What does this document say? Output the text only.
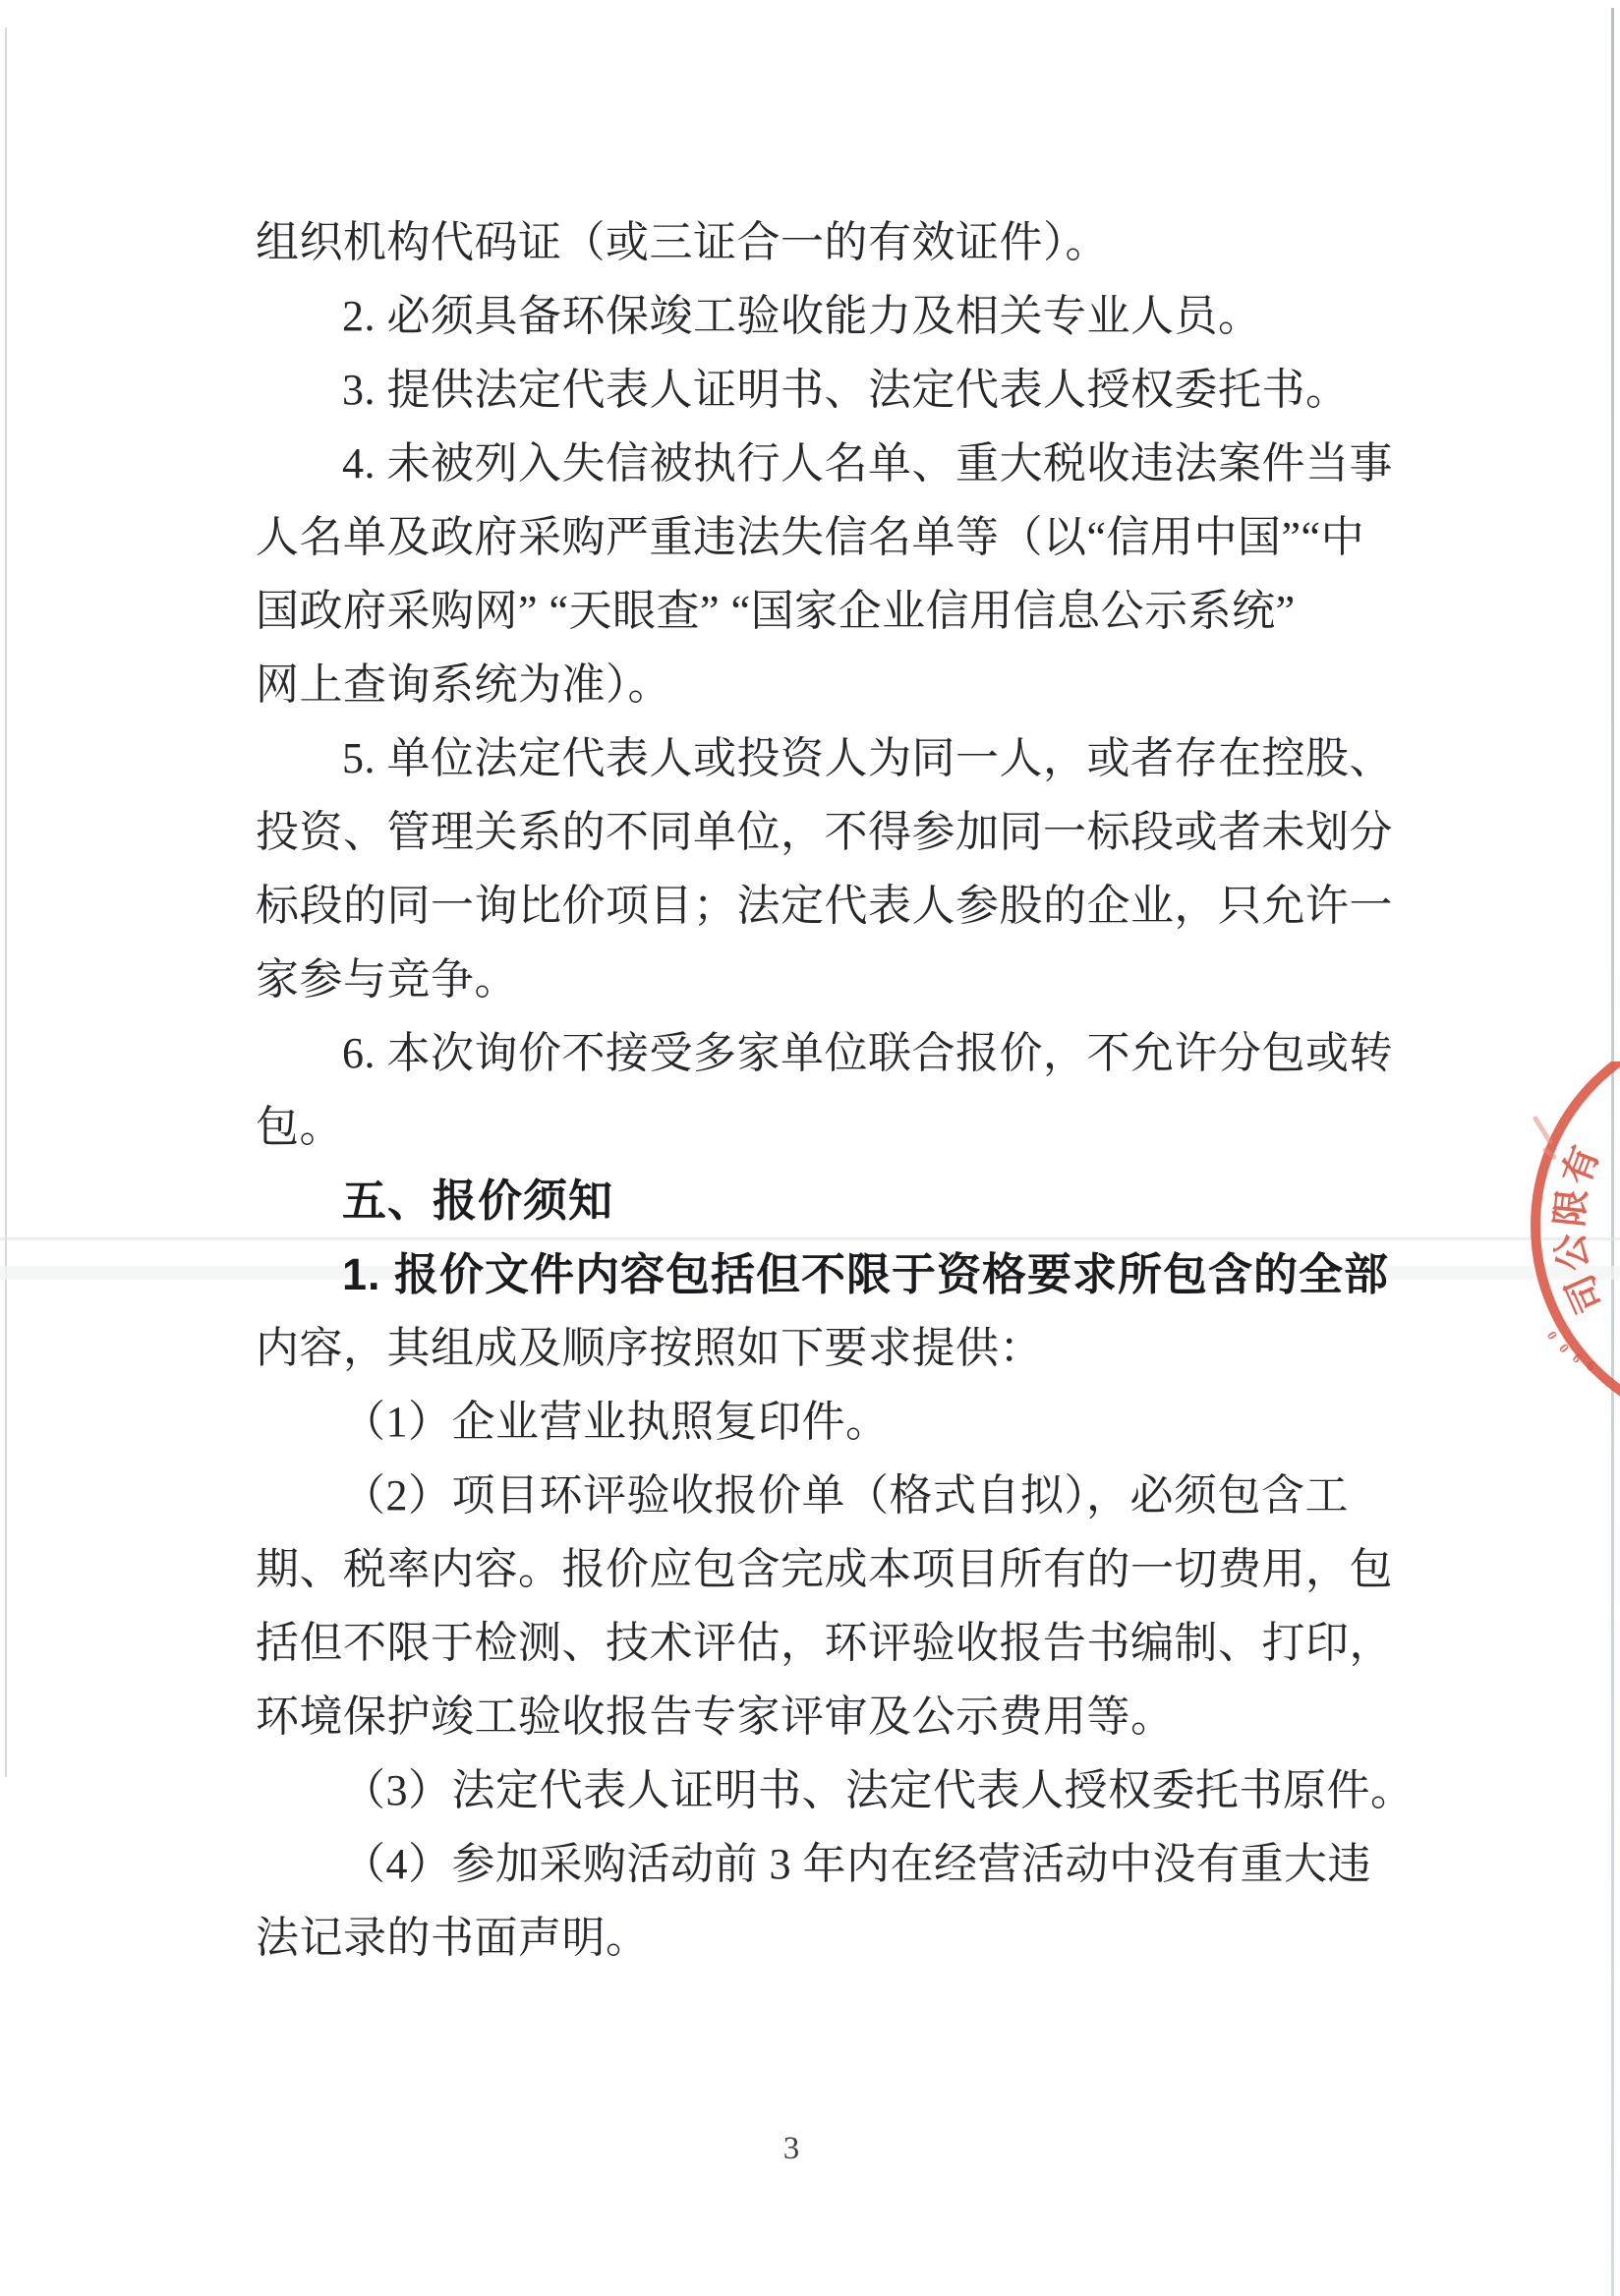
组织机构代码证（或三证合一的有效证件）。
2. 必须具备环保竣工验收能力及相关专业人员。
3. 提供法定代表人证明书、法定代表人授权委托书。
4. 未被列入失信被执行人名单、重大税收违法案件当事
人名单及政府采购严重违法失信名单等（以“信用中国”“中
国政府采购网” “天眼查” “国家企业信用信息公示系统”
网上查询系统为准）。
5. 单位法定代表人或投资人为同一人，或者存在控股、
投资、管理关系的不同单位，不得参加同一标段或者未划分
标段的同一询比价项目；法定代表人参股的企业，只允许一
家参与竞争。
6. 本次询价不接受多家单位联合报价，不允许分包或转
包。
五、报价须知
1. 报价文件内容包括但不限于资格要求所包含的全部
内容，其组成及顺序按照如下要求提供：
（1）企业营业执照复印件。
（2）项目环评验收报价单（格式自拟），必须包含工
期、税率内容。报价应包含完成本项目所有的一切费用，包
括但不限于检测、技术评估，环评验收报告书编制、打印，
环境保护竣工验收报告专家评审及公示费用等。
（3）法定代表人证明书、法定代表人授权委托书原件。
（4）参加采购活动前 3 年内在经营活动中没有重大违
法记录的书面声明。
有
限
公
司
0
0
9 9
3
